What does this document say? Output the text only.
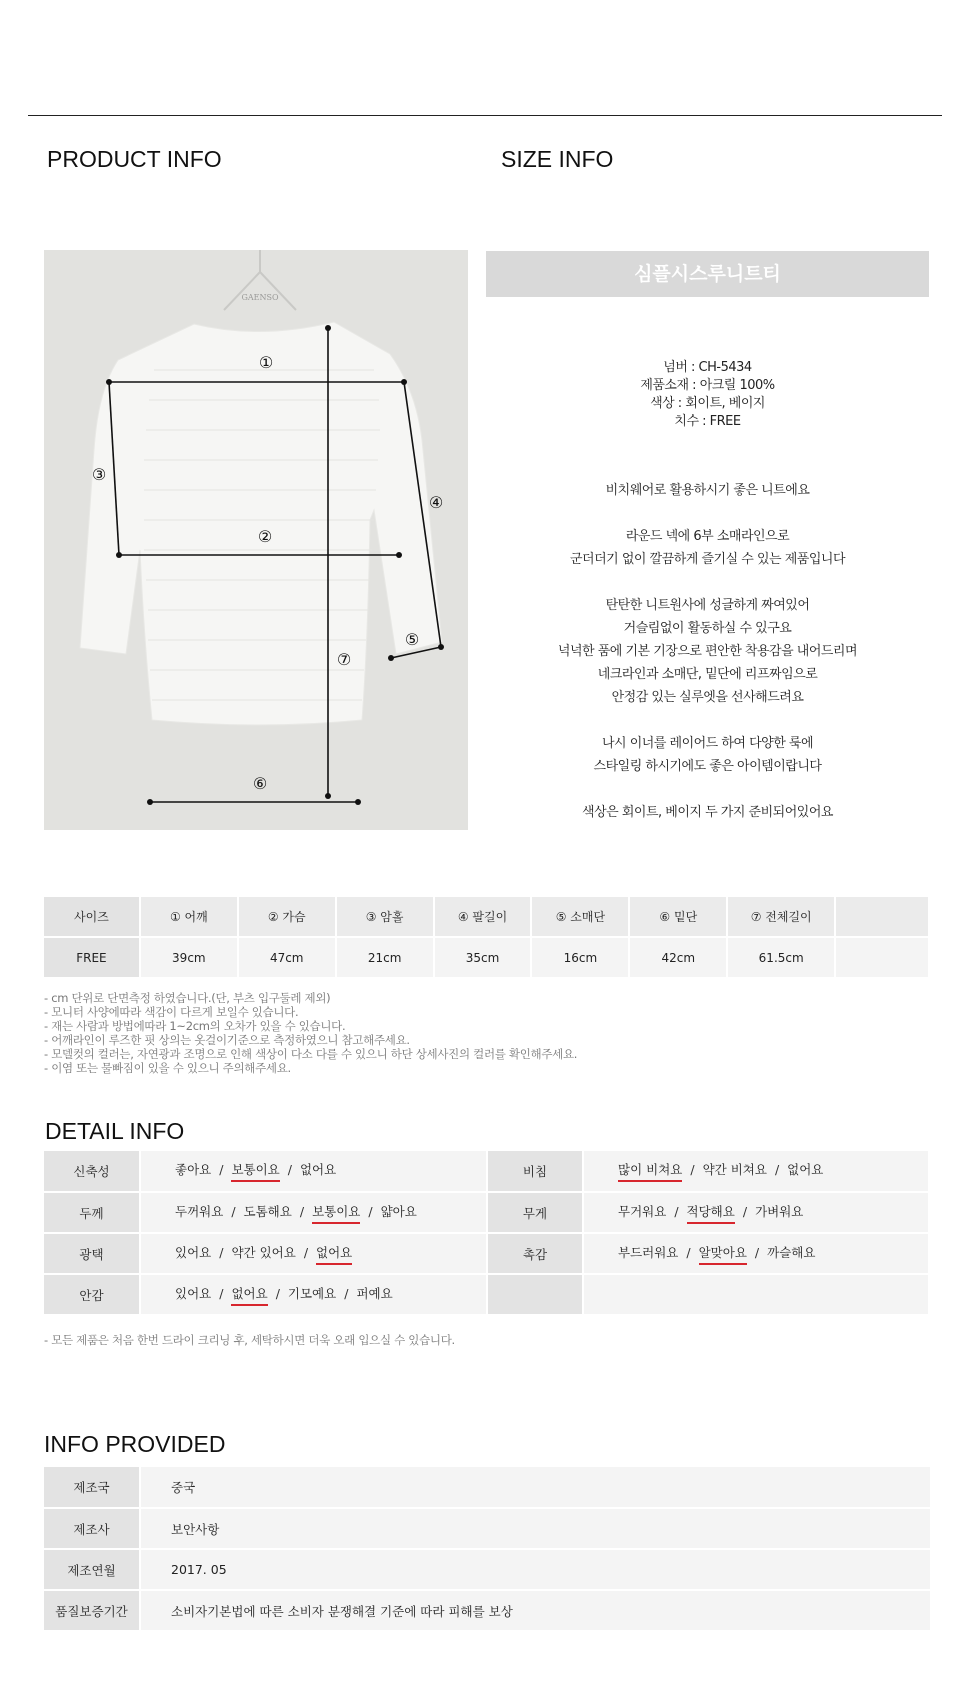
PRODUCT INFO	SIZE INFO
GAENSO
①
②
③
④
⑤
⑥
⑦
심플시스루니트티
넘버 : CH-5434
제품소재 : 아크릴 100%
색상 : 회이트, 베이지
치수 : FREE
비치웨어로 활용하시기 좋은 니트에요
라운드 넥에 6부 소매라인으로
군더더기 없이 깔끔하게 즐기실 수 있는 제품입니다
탄탄한 니트원사에 성글하게 짜여있어
거슬림없이 활동하실 수 있구요
넉넉한 품에 기본 기장으로 편안한 착용감을 내어드리며
네크라인과 소매단, 밑단에 리프짜임으로
안정감 있는 실루엣을 선사해드려요
나시 이너를 레이어드 하여 다양한 룩에
스타일링 하시기에도 좋은 아이템이랍니다
색상은 회이트, 베이지 두 가지 준비되어있어요
사이즈	① 어깨	② 가슴	③ 암홀	④ 팔길이	⑤ 소매단	⑥ 밑단	⑦ 전체길이	
FREE	39cm	47cm	21cm	35cm	16cm	42cm	61.5cm	
- cm 단위로 단면측정 하였습니다.(단, 부츠 입구둘레 제외)
- 모니터 사양에따라 색감이 다르게 보일수 있습니다.
- 재는 사람과 방법에따라 1~2cm의 오차가 있을 수 있습니다.
- 어깨라인이 루즈한 핏 상의는 옷걸이기준으로 측정하였으니 참고해주세요.
- 모델컷의 컬러는, 자연광과 조명으로 인해 색상이 다소 다를 수 있으니 하단 상세사진의 컬러를 확인해주세요.
- 이염 또는 물빠짐이 있을 수 있으니 주의해주세요.
DETAIL INFO
신축성	좋아요 / 보통이요 / 없어요	비침	많이 비쳐요 / 약간 비쳐요 / 없어요
두께	두꺼워요 / 도톰해요 / 보통이요 / 얇아요	무게	무거워요 / 적당해요 / 가벼워요
광택	있어요 / 약간 있어요 / 없어요	촉감	부드러워요 / 알맞아요 / 까슬해요
안감	있어요 / 없어요 / 기모예요 / 퍼예요		
- 모든 제품은 처음 한번 드라이 크리닝 후, 세탁하시면 더욱 오래 입으실 수 있습니다.
INFO PROVIDED
제조국	중국
제조사	보안사항
제조연월	2017. 05
품질보증기간	소비자기본법에 따른 소비자 분쟁해결 기준에 따라 피해를 보상
